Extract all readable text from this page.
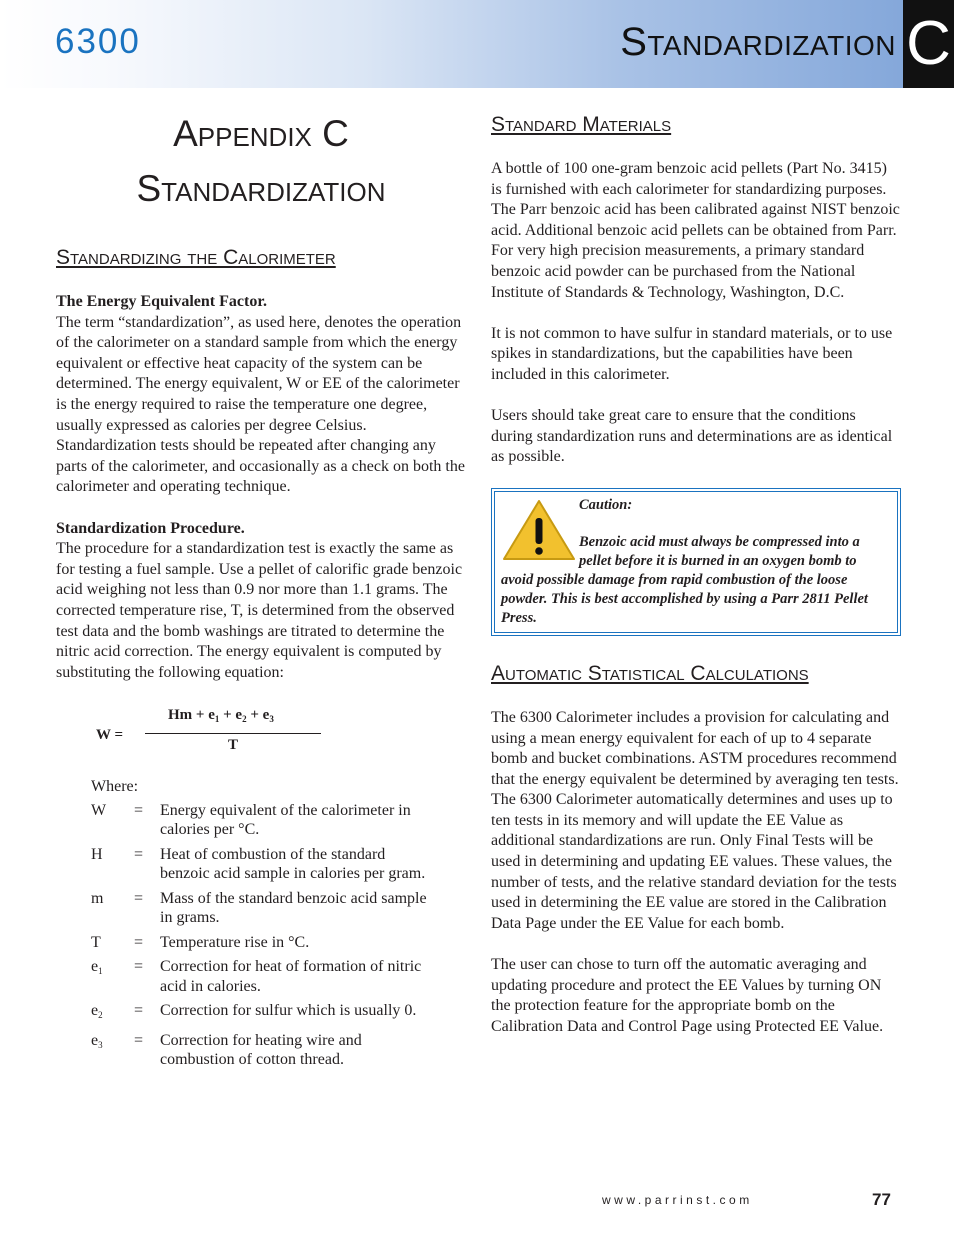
6300	Standardization C
Appendix C
Standardization
Standardizing the Calorimeter

The Energy Equivalent Factor.

The term “standardization”, as used here, denotes the operation of the calorimeter on a standard sample from which the energy equivalent or effective heat capacity of the system can be determined. The energy equivalent, W or EE of the calorimeter is the energy required to raise the temperature one degree, usually expressed as calories per degree Celsius. Standardization tests should be repeated after changing any parts of the calorimeter, and occasionally as a check on both the calorimeter and operating technique.

Standardization Procedure.

The procedure for a standardization test is exactly the same as for testing a fuel sample. Use a pellet of calorific grade benzoic acid weighing not less than 0.9 nor more than 1.1 grams. The corrected temperature rise, T, is determined from the observed test data and the bomb washings are titrated to determine the nitric acid correction. The energy equivalent is computed by substituting the following equation:

W =
$Hm + e_1 + e_2 + e_3$
T
Where:
W	=	Energy equivalent of the calorimeter in calories per °C.
H	=	Heat of combustion of the standard benzoic acid sample in calories per gram.
m	=	Mass of the standard benzoic acid sample in grams.
T	=	Temperature rise in °C.
$e_1$	=	Correction for heat of formation of nitric acid in calories.
$e_2$	=	Correction for sulfur which is usually 0.
$e_3$	=	Correction for heating wire and combustion of cotton thread.
Standard Materials

A bottle of 100 one-gram benzoic acid pellets (Part No. 3415) is furnished with each calorimeter for standardizing purposes. The Parr benzoic acid has been calibrated against NIST benzoic acid. Additional benzoic acid pellets can be obtained from Parr.

For very high precision measurements, a primary standard benzoic acid powder can be purchased from the National Institute of Standards & Technology, Washington, D.C.

It is not common to have sulfur in standard materials, or to use spikes in standardizations, but the capabilities have been included in this calorimeter.

Users should take great care to ensure that the conditions during standardization runs and determinations are as identical as possible.

Caution:
Benzoic acid must always be compressed into a pellet before it is burned in an oxygen bomb to avoid possible damage from rapid combustion of the loose powder. This is best accomplished by using a Parr 2811 Pellet Press.
Automatic Statistical Calculations

The 6300 Calorimeter includes a provision for calculating and using a mean energy equivalent for each of up to 4 separate bomb and bucket combinations. ASTM procedures recommend that the energy equivalent be determined by averaging ten tests. The 6300 Calorimeter automatically determines and uses up to ten tests in its memory and will update the EE Value as additional standardizations are run. Only Final Tests will be used in determining and updating EE values. These values, the number of tests, and the relative standard deviation for the tests used in determining the EE value are stored in the Calibration Data Page under the EE Value for each bomb.

The user can chose to turn off the automatic averaging and updating procedure and protect the EE Values by turning ON the protection feature for the appropriate bomb on the Calibration Data and Control Page using Protected EE Value.

www.parrinst.com	77
